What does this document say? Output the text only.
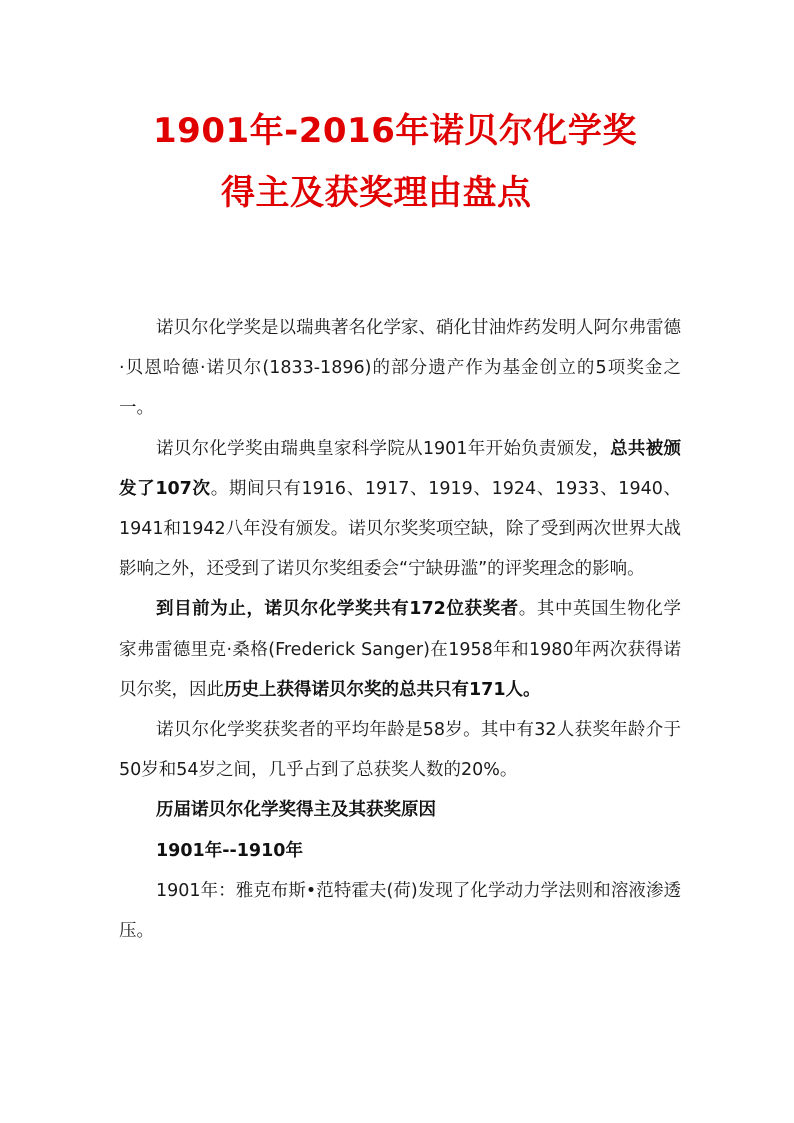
1901年-2016年诺贝尔化学奖
得主及获奖理由盘点

诺贝尔化学奖是以瑞典著名化学家、硝化甘油炸药发明人阿尔弗雷德·贝恩哈德·诺贝尔(1833-1896)的部分遗产作为基金创立的5项奖金之一。

诺贝尔化学奖由瑞典皇家科学院从1901年开始负责颁发，总共被颁发了107次。期间只有1916、1917、1919、1924、1933、1940、1941和1942八年没有颁发。诺贝尔奖奖项空缺，除了受到两次世界大战影响之外，还受到了诺贝尔奖组委会“宁缺毋滥”的评奖理念的影响。

到目前为止，诺贝尔化学奖共有172位获奖者。其中英国生物化学家弗雷德里克·桑格(Frederick Sanger)在1958年和1980年两次获得诺贝尔奖，因此历史上获得诺贝尔奖的总共只有171人。

诺贝尔化学奖获奖者的平均年龄是58岁。其中有32人获奖年龄介于50岁和54岁之间，几乎占到了总获奖人数的20%。

历届诺贝尔化学奖得主及其获奖原因

1901年--1910年

1901年：雅克布斯•范特霍夫(荷)发现了化学动力学法则和溶液渗透压。
